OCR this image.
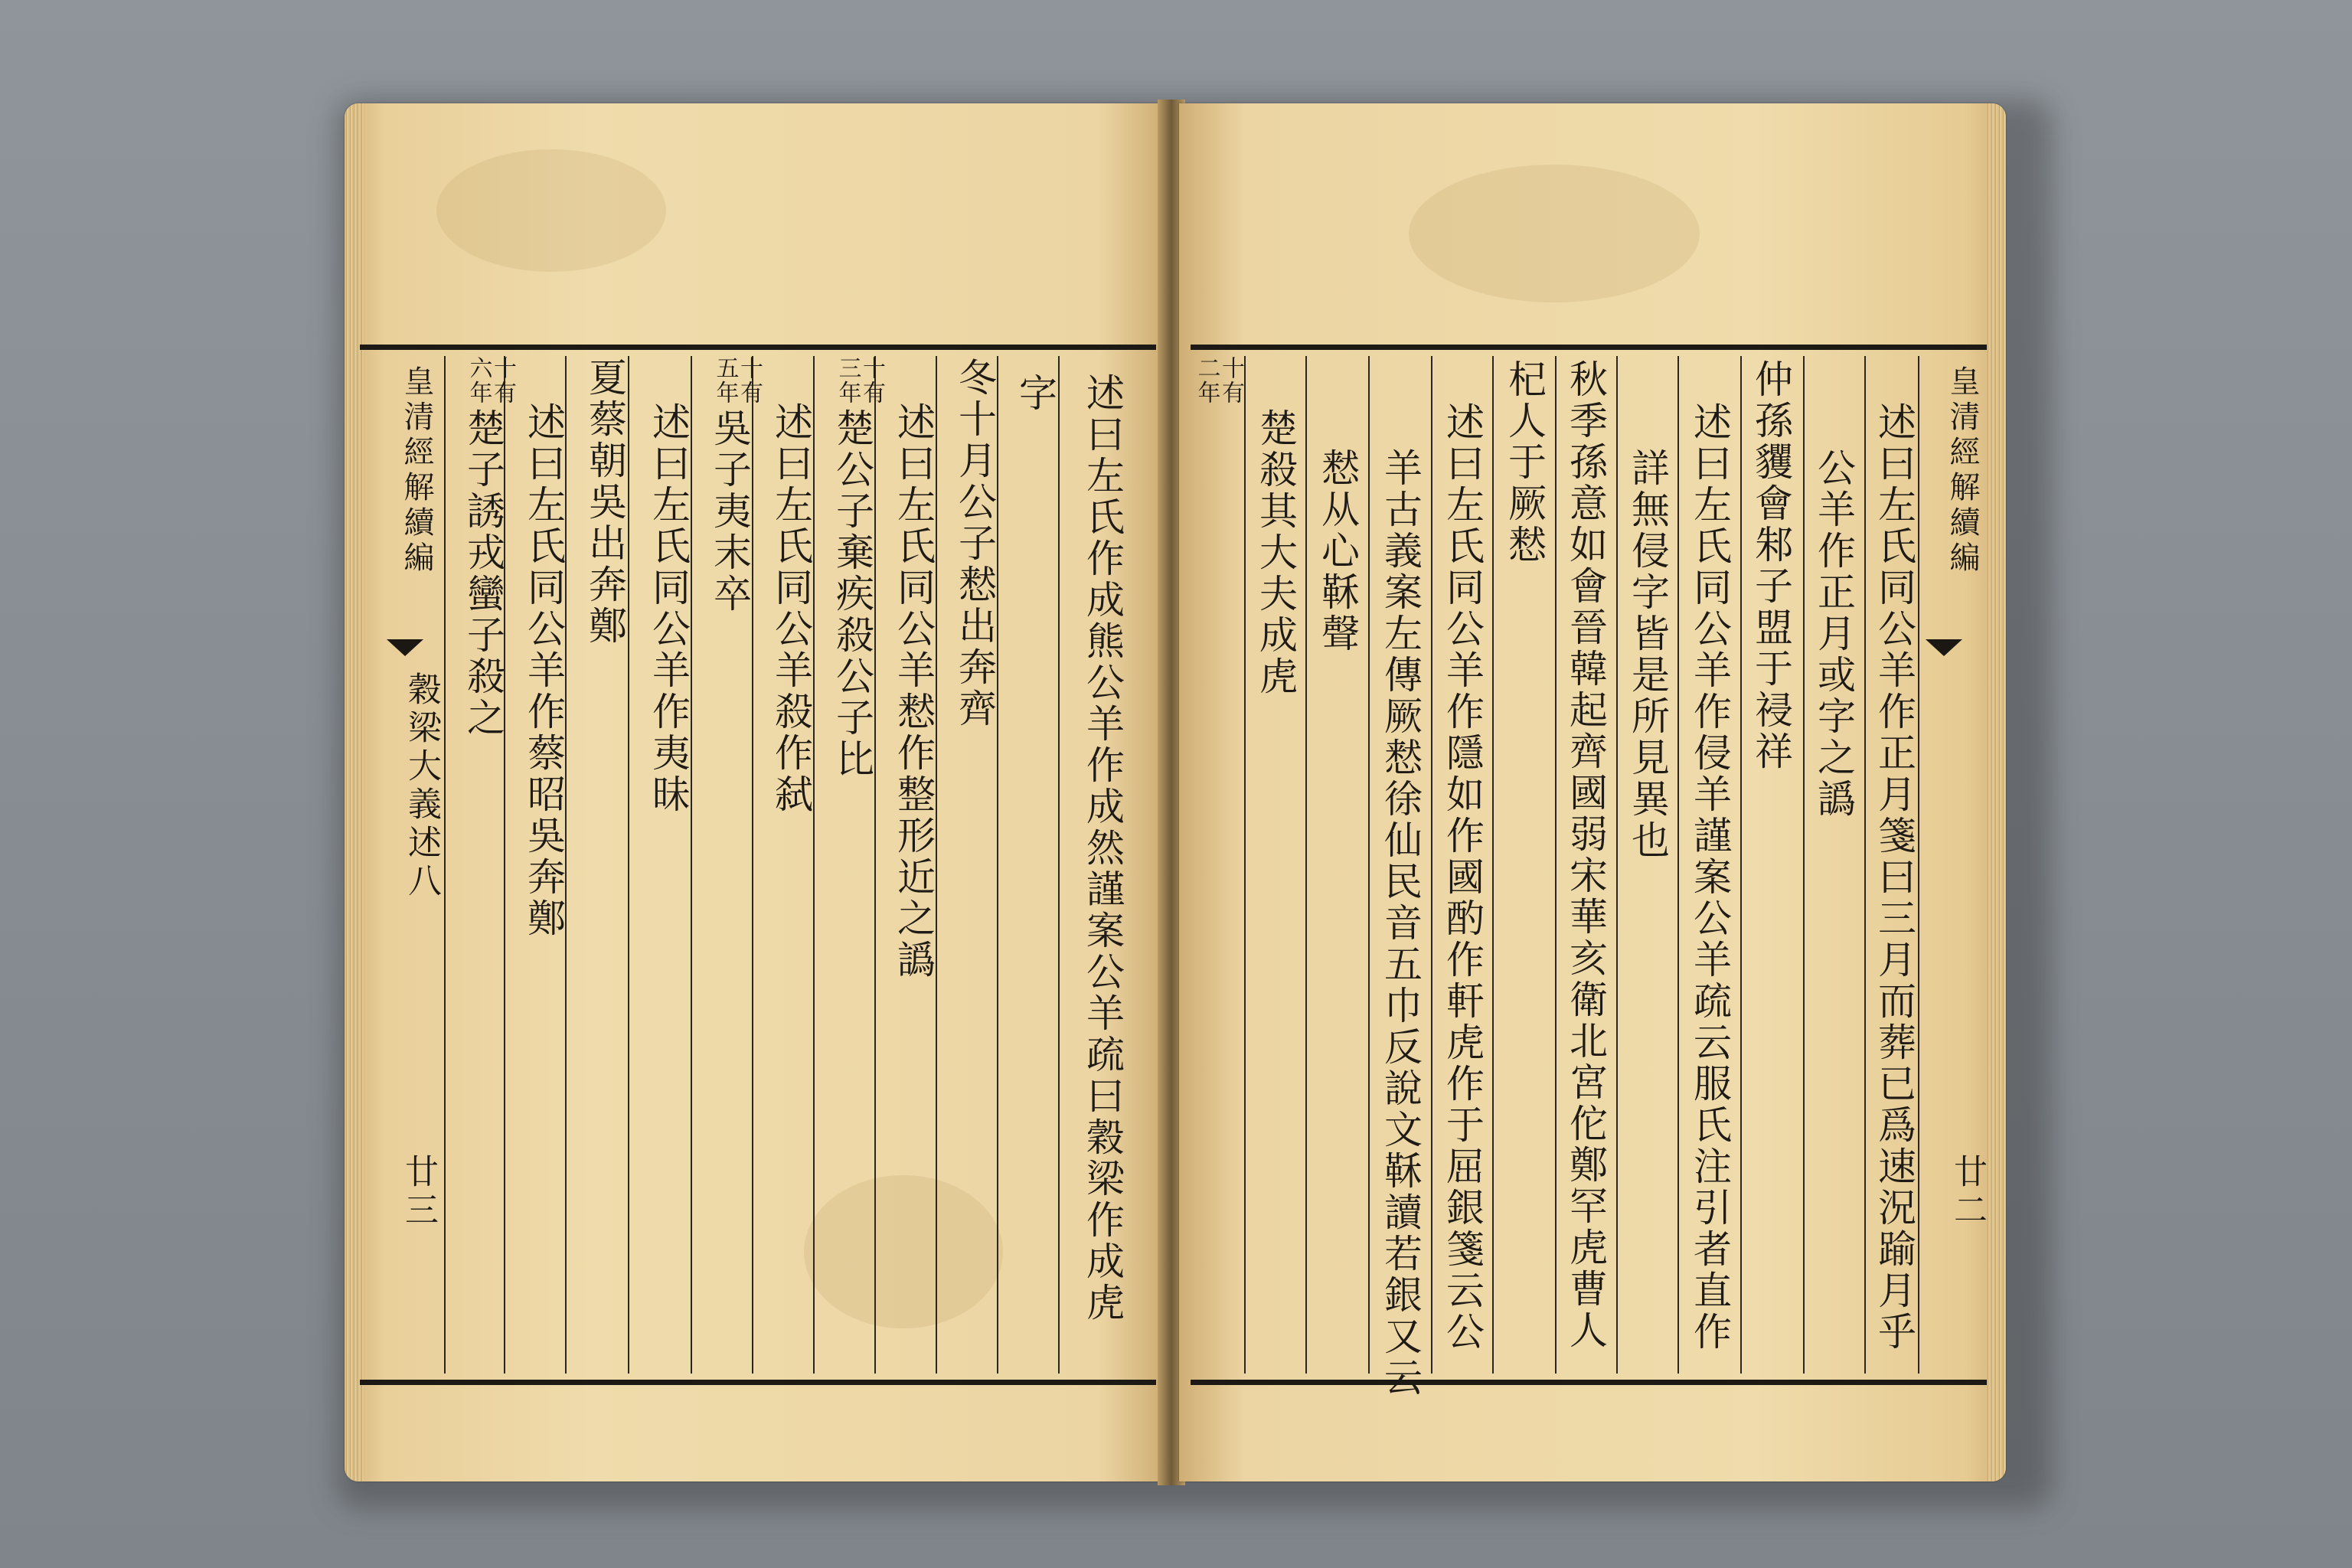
皇清經解續編
穀梁大義述八
廿三	述曰左氏作成熊公羊作成然謹案公羊疏曰穀梁作成虎
字
冬十月公子慭出奔齊
述曰左氏同公羊慭作整形近之譌
十有三年
楚公子棄疾殺公子比
述曰左氏同公羊殺作弑
十有五年
吳子夷末卒
述曰左氏同公羊作夷昧
夏蔡朝吳出奔鄭
述曰左氏同公羊作蔡昭吳奔鄭
十有六年
楚子誘戎蠻子殺之	皇清經解續編
廿二
述曰左氏同公羊作正月箋曰三月而葬已爲速況踰月乎
公羊作正月或字之譌
仲孫貜會邾子盟于祲祥
述曰左氏同公羊作侵羊謹案公羊疏云服氏注引者直作
詳無侵字皆是所見異也
秋季孫意如會晉韓起齊國弱宋華亥衛北宮佗鄭罕虎曹人
杞人于厥慭
述曰左氏同公羊作隱如作國酌作軒虎作于屈銀箋云公
羊古義案左傳厥慭徐仙民音五巾反說文鞂讀若銀又云
慭从心鞂聲
十有二年
楚殺其大夫成虎
